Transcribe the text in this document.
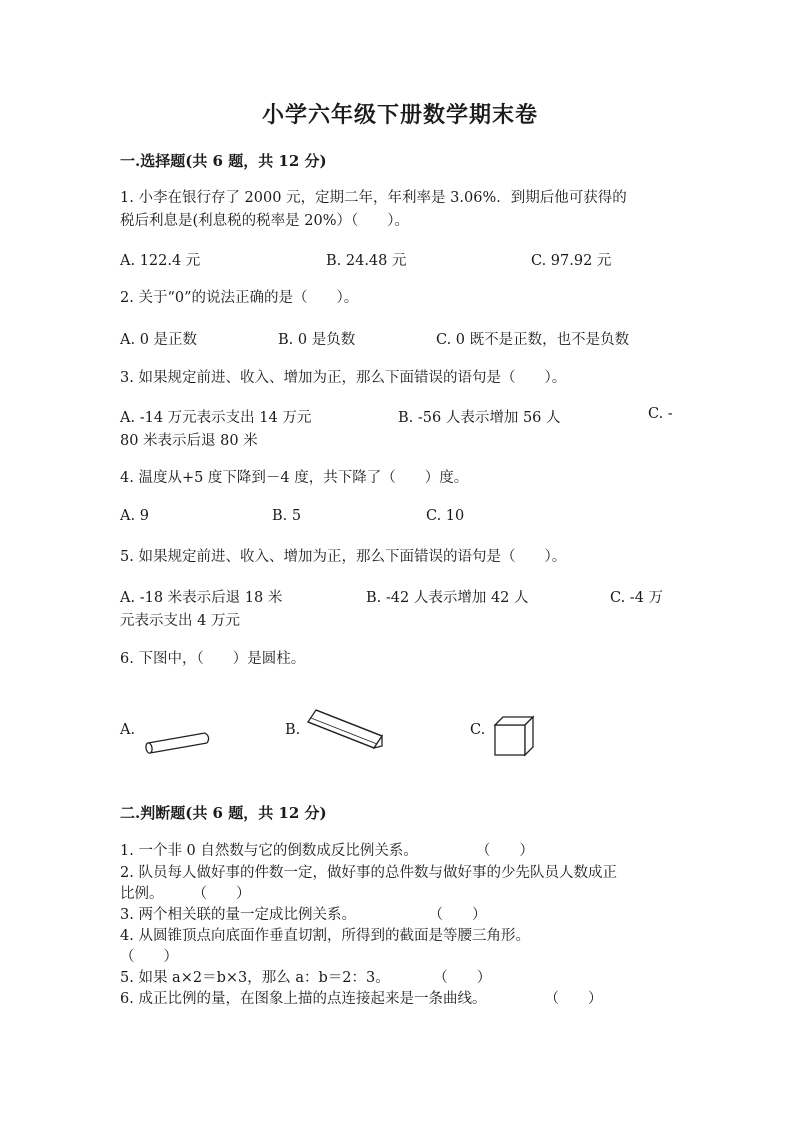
小学六年级下册数学期末卷
一.选择题(共 6 题，共 12 分)
1. 小李在银行存了 2000 元，定期二年，年利率是 3.06%．到期后他可获得的
税后利息是(利息税的税率是 20%）（　　）。
A. 122.4 元	B. 24.48 元	C. 97.92 元
2. 关于“0”的说法正确的是（　　）。
A. 0 是正数	B. 0 是负数	C. 0 既不是正数，也不是负数
3. 如果规定前进、收入、增加为正，那么下面错误的语句是（　　）。
A. -14 万元表示支出 14 万元	B. -56 人表示增加 56 人	C. -
80 米表示后退 80 米
4. 温度从+5 度下降到－4 度，共下降了（　　）度。
A. 9	B. 5	C. 10
5. 如果规定前进、收入、增加为正，那么下面错误的语句是（　　）。
A. -18 米表示后退 18 米	B. -42 人表示增加 42 人	C. -4 万
元表示支出 4 万元
6. 下图中，（　　）是圆柱。
A.	B.	C.
二.判断题(共 6 题，共 12 分)
1. 一个非 0 自然数与它的倒数成反比例关系。　　　　　（　　）
2. 队员每人做好事的件数一定，做好事的总件数与做好事的少先队员人数成正
比例。　　　（　　）
3. 两个相关联的量一定成比例关系。　　　　　　（　　）
4. 从圆锥顶点向底面作垂直切割，所得到的截面是等腰三角形。
（　　）
5. 如果 a×2＝b×3，那么 a：b＝2：3。　　　　（　　）
6. 成正比例的量，在图象上描的点连接起来是一条曲线。　　　　　（　　）
